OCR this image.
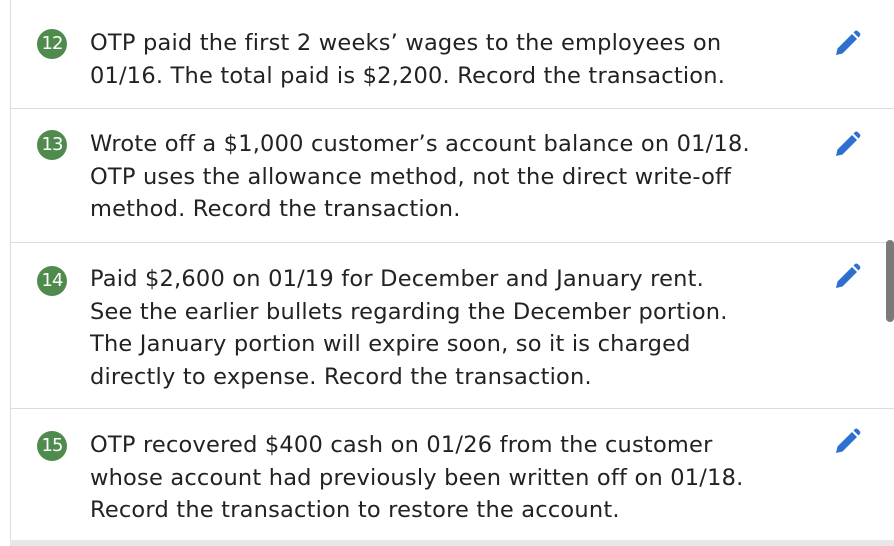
12 OTP paid the first 2 weeks’ wages to the employees on
01/16. The total paid is $2,200. Record the transaction.
13 Wrote off a $1,000 customer’s account balance on 01/18.
OTP uses the allowance method, not the direct write-off
method. Record the transaction.
14 Paid $2,600 on 01/19 for December and January rent.
See the earlier bullets regarding the December portion.
The January portion will expire soon, so it is charged
directly to expense. Record the transaction.
15 OTP recovered $400 cash on 01/26 from the customer
whose account had previously been written off on 01/18.
Record the transaction to restore the account.
